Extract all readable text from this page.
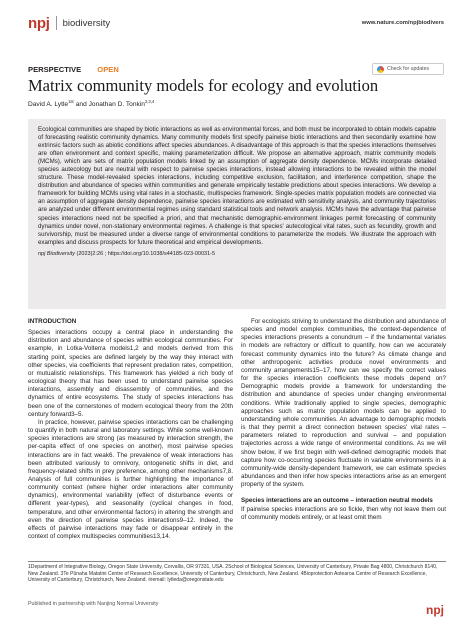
npj biodiversity	www.nature.com/npjbiodivers
PERSPECTIVE OPEN	Check for updates
Matrix community models for ecology and evolution
David A. Lytle$^{1✉}$ and Jonathan D. Tonkin$^{2,3,4}$

Ecological communities are shaped by biotic interactions as well as environmental forces, and both must be incorporated to obtain models capable of forecasting realistic community dynamics. Many community models first specify pairwise biotic interactions and then secondarily examine how extrinsic factors such as abiotic conditions affect species abundances. A disadvantage of this approach is that the species interactions themselves are often environment and context specific, making parameterization difficult. We propose an alternative approach, matrix community models (MCMs), which are sets of matrix population models linked by an assumption of aggregate density dependence. MCMs incorporate detailed species autecology but are neutral with respect to pairwise species interactions, instead allowing interactions to be revealed within the model structure. These model-revealed species interactions, including competitive exclusion, facilitation, and interference competition, shape the distribution and abundance of species within communities and generate empirically testable predictions about species interactions. We develop a framework for building MCMs using vital rates in a stochastic, multispecies framework. Single-species matrix population models are connected via an assumption of aggregate density dependence, pairwise species interactions are estimated with sensitivity analysis, and community trajectories are analyzed under different environmental regimes using standard statistical tools and network analysis. MCMs have the advantage that pairwise species interactions need not be specified a priori, and that mechanistic demographic-environment linkages permit forecasting of community dynamics under novel, non-stationary environmental regimes. A challenge is that species' autecological vital rates, such as fecundity, growth and survivorship, must be measured under a diverse range of environmental conditions to parameterize the models. We illustrate the approach with examples and discuss prospects for future theoretical and empirical developments.

npj Biodiversity (2023)2:26 ; https://doi.org/10.1038/s44185-023-00031-5
INTRODUCTION

Species interactions occupy a central place in understanding the distribution and abundance of species within ecological communities. For example, in Lotka-Volterra models1,2 and models derived from this starting point, species are defined largely by the way they interact with other species, via coefficients that represent predation rates, competition, or mutualistic relationships. This framework has yielded a rich body of ecological theory that has been used to understand pairwise species interactions, assembly and disassembly of communities, and the dynamics of entire ecosystems. The study of species interactions has been one of the cornerstones of modern ecological theory from the 20th century forward3–5.

In practice, however, pairwise species interactions can be challenging to quantify in both natural and laboratory settings. While some well-known species interactions are strong (as measured by interaction strength, the per-capita effect of one species on another), most pairwise species interactions are in fact weak6. The prevalence of weak interactions has been attributed variously to omnivory, ontogenetic shifts in diet, and frequency-related shifts in prey preference, among other mechanisms7,8. Analysis of full communities is further highlighting the importance of community context (where higher order interactions alter community dynamics), environmental variability (effect of disturbance events or different year-types), and seasonality (cyclical changes in food, temperature, and other environmental factors) in altering the strength and even the direction of pairwise species interactions9–12. Indeed, the effects of pairwise interactions may fade or disappear entirely in the context of complex multispecies communities13,14.

For ecologists striving to understand the distribution and abundance of species and model complex communities, the context-dependence of species interactions presents a conundrum – if the fundamental variates in models are refractory or difficult to quantify, how can we accurately forecast community dynamics into the future? As climate change and other anthropogenic activities produce novel environments and community arrangements15–17, how can we specify the correct values for the species interaction coefficients these models depend on? Demographic models provide a framework for understanding the distribution and abundance of species under changing environmental conditions. While traditionally applied to single species, demographic approaches such as matrix population models can be applied to understanding whole communities. An advantage to demographic models is that they permit a direct connection between species' vital rates – parameters related to reproduction and survival – and population trajectories across a wide range of environmental conditions. As we will show below, if we first begin with well-defined demographic models that capture how co-occurring species fluctuate in variable environments in a community-wide density-dependent framework, we can estimate species abundances and then infer how species interactions arise as an emergent property of the system.

Species interactions are an outcome – interaction neutral models

If pairwise species interactions are so fickle, then why not leave them out of community models entirely, or at least omit them

1Department of Integrative Biology, Oregon State University, Corvallis, OR 97331, USA. 2School of Biological Sciences, University of Canterbury, Private Bag 4800, Christchurch 8140, New Zealand. 3Te Pūnaha Matatini Centre of Research Excellence, University of Canterbury, Christchurch, New Zealand. 4Bioprotection Aotearoa Centre of Research Excellence, University of Canterbury, Christchurch, New Zealand. ✉email: lytleda@oregonstate.edu
Published in partnership with Nanjing Normal University	npj
